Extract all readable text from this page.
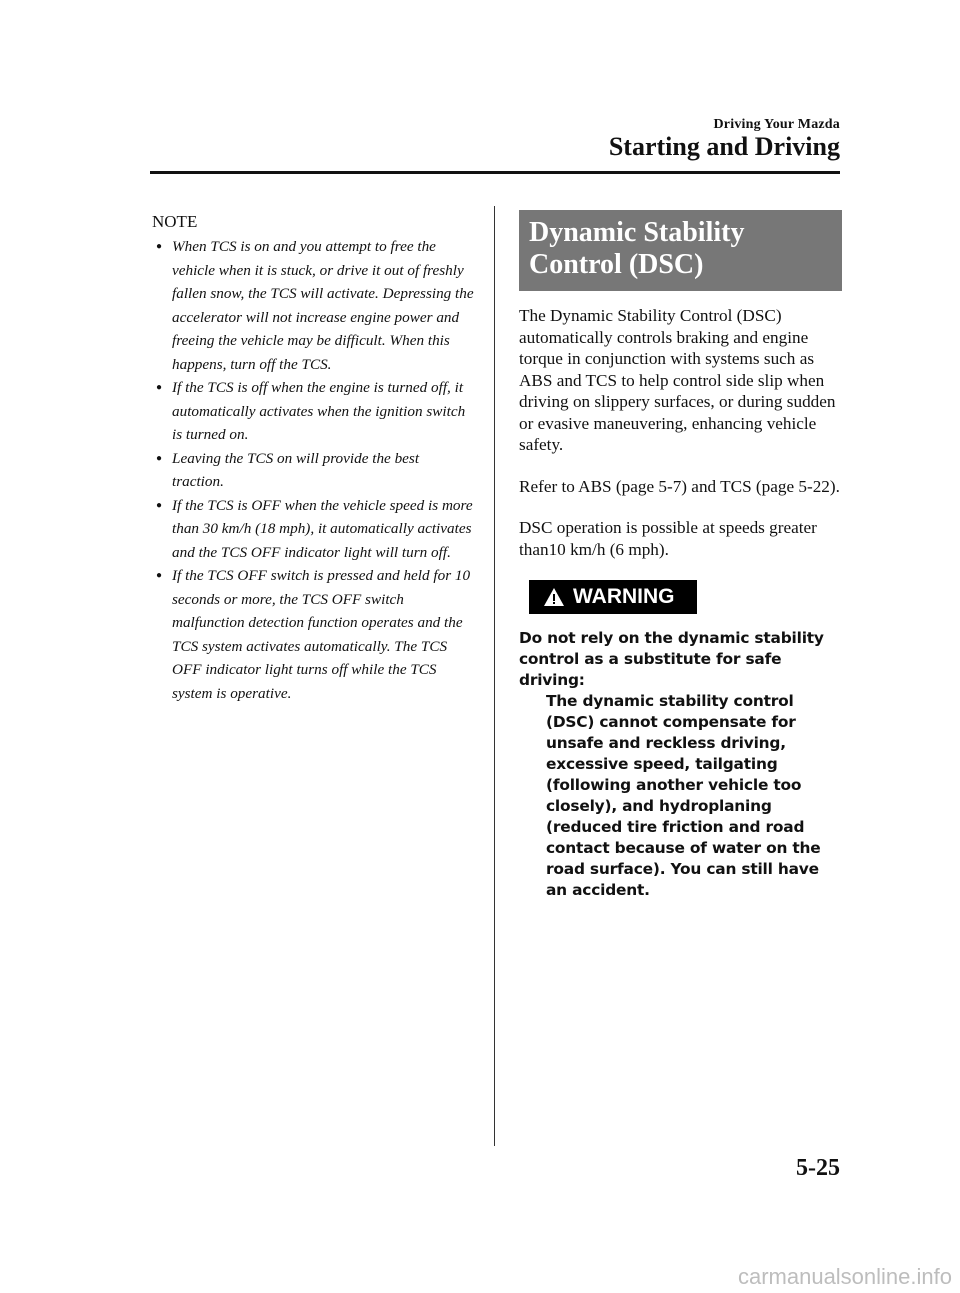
Driving Your Mazda
Starting and Driving
NOTE
● When TCS is on and you attempt to free the vehicle when it is stuck, or drive it out of freshly fallen snow, the TCS will activate. Depressing the accelerator will not increase engine power and freeing the vehicle may be difficult. When this happens, turn off the TCS.
● If the TCS is off when the engine is turned off, it automatically activates when the ignition switch is turned on.
● Leaving the TCS on will provide the best traction.
● If the TCS is OFF when the vehicle speed is more than 30 km/h (18 mph), it automatically activates and the TCS OFF indicator light will turn off.
● If the TCS OFF switch is pressed and held for 10 seconds or more, the TCS OFF switch malfunction detection function operates and the TCS system activates automatically. The TCS OFF indicator light turns off while the TCS system is operative.
Dynamic Stability Control (DSC)

The Dynamic Stability Control (DSC) automatically controls braking and engine torque in conjunction with systems such as ABS and TCS to help control side slip when driving on slippery surfaces, or during sudden or evasive maneuvering, enhancing vehicle safety.

Refer to ABS (page 5-7) and TCS (page 5-22).

DSC operation is possible at speeds greater than10 km/h (6 mph).

WARNING

Do not rely on the dynamic stability control as a substitute for safe driving:

The dynamic stability control (DSC) cannot compensate for unsafe and reckless driving, excessive speed, tailgating (following another vehicle too closely), and hydroplaning (reduced tire friction and road contact because of water on the road surface). You can still have an accident.

5-25
carmanualsonline.info
